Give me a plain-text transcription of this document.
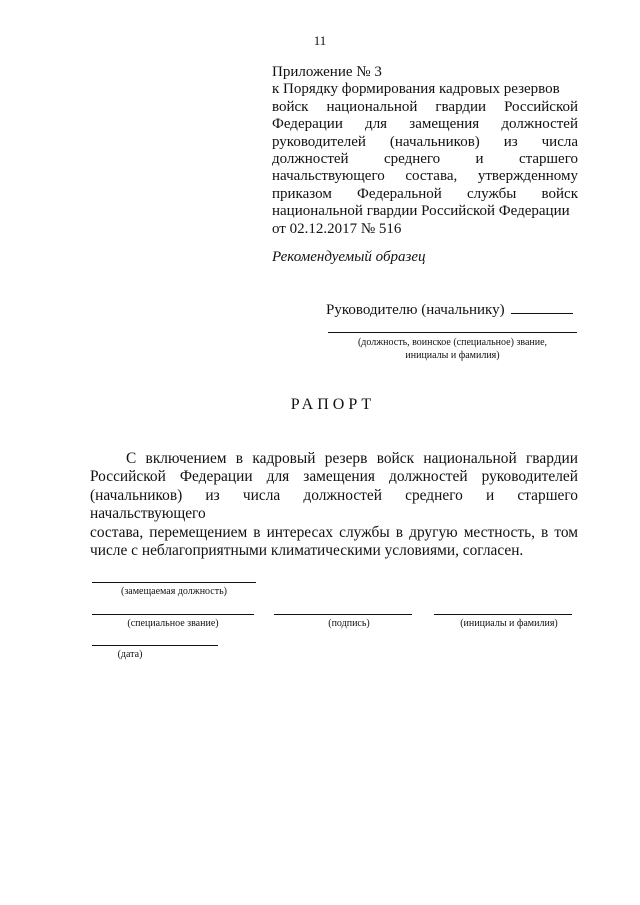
11
Приложение № 3
к Порядку формирования кадровых резервов
войск национальной гвардии Российской
Федерации для замещения должностей
руководителей (начальников) из числа
должностей среднего и старшего
начальствующего состава, утвержденному
приказом Федеральной службы войск
национальной гвардии Российской Федерации
от 02.12.2017 № 516
Рекомендуемый образец
Руководителю (начальнику)
(должность, воинское (специальное) звание,
инициалы и фамилия)
РАПОРТ
С включением в кадровый резерв войск национальной гвардии
Российской Федерации для замещения должностей руководителей
(начальников) из числа должностей среднего и старшего начальствующего
состава, перемещением в интересах службы в другую местность, в том
числе с неблагоприятными климатическими условиями, согласен.
(замещаемая должность)
(специальное звание)	(подпись)	(инициалы и фамилия)
(дата)
